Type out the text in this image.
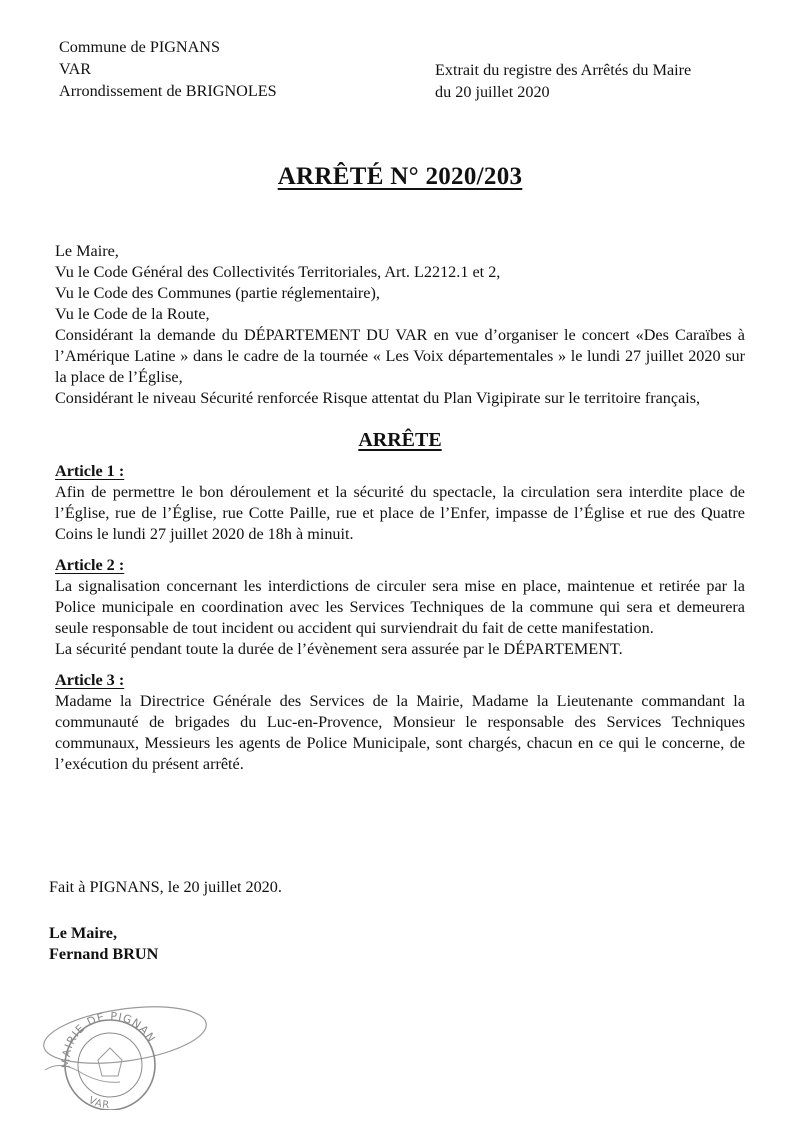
Commune de PIGNANS
VAR
Arrondissement de BRIGNOLES
Extrait du registre des Arrêtés du Maire
du 20 juillet 2020
ARRÊTÉ N° 2020/203

Le Maire,

Vu le Code Général des Collectivités Territoriales, Art. L2212.1 et 2,

Vu le Code des Communes (partie réglementaire),

Vu le Code de la Route,

Considérant la demande du DÉPARTEMENT DU VAR en vue d’organiser le concert «Des Caraïbes à l’Amérique Latine » dans le cadre de la tournée « Les Voix départementales » le lundi 27 juillet 2020 sur la place de l’Église,

Considérant le niveau Sécurité renforcée Risque attentat du Plan Vigipirate sur le territoire français,

ARRÊTE
Article 1 :

Afin de permettre le bon déroulement et la sécurité du spectacle, la circulation sera interdite place de l’Église, rue de l’Église, rue Cotte Paille, rue et place de l’Enfer, impasse de l’Église et rue des Quatre Coins le lundi 27 juillet 2020 de 18h à minuit.

Article 2 :

La signalisation concernant les interdictions de circuler sera mise en place, maintenue et retirée par la Police municipale en coordination avec les Services Techniques de la commune qui sera et demeurera seule responsable de tout incident ou accident qui surviendrait du fait de cette manifestation.

La sécurité pendant toute la durée de l’évènement sera assurée par le DÉPARTEMENT.

Article 3 :

Madame la Directrice Générale des Services de la Mairie, Madame la Lieutenante commandant la communauté de brigades du Luc-en-Provence, Monsieur le responsable des Services Techniques communaux, Messieurs les agents de Police Municipale, sont chargés, chacun en ce qui le concerne, de l’exécution du présent arrêté.

Fait à PIGNANS, le 20 juillet 2020.
Le Maire,
Fernand BRUN
MAIRIE DE PIGNAN
VAR
